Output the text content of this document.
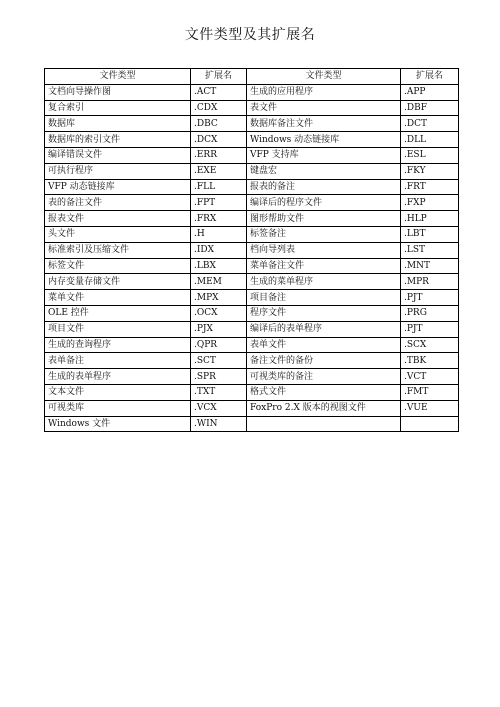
文件类型及其扩展名
文件类型	扩展名	文件类型	扩展名
文档向导操作图	.ACT	生成的应用程序	.APP
复合索引	.CDX	表文件	.DBF
数据库	.DBC	数据库备注文件	.DCT
数据库的索引文件	.DCX	Windows 动态链接库	.DLL
编译错误文件	.ERR	VFP 支持库	.ESL
可执行程序	.EXE	键盘宏	.FKY
VFP 动态链接库	.FLL	报表的备注	.FRT
表的备注文件	.FPT	编译后的程序文件	.FXP
报表文件	.FRX	图形帮助文件	.HLP
头文件	.H	标签备注	.LBT
标准索引及压缩文件	.IDX	档向导列表	.LST
标签文件	.LBX	菜单备注文件	.MNT
内存变量存储文件	.MEM	生成的菜单程序	.MPR
菜单文件	.MPX	项目备注	.PJT
OLE 控件	.OCX	程序文件	.PRG
项目文件	.PJX	编译后的表单程序	.PJT
生成的查询程序	.QPR	表单文件	.SCX
表单备注	.SCT	备注文件的备份	.TBK
生成的表单程序	.SPR	可视类库的备注	.VCT
文本文件	.TXT	格式文件	.FMT
可视类库	.VCX	FoxPro 2.X 版本的视图文件	.VUE
Windows 文件	.WIN		
